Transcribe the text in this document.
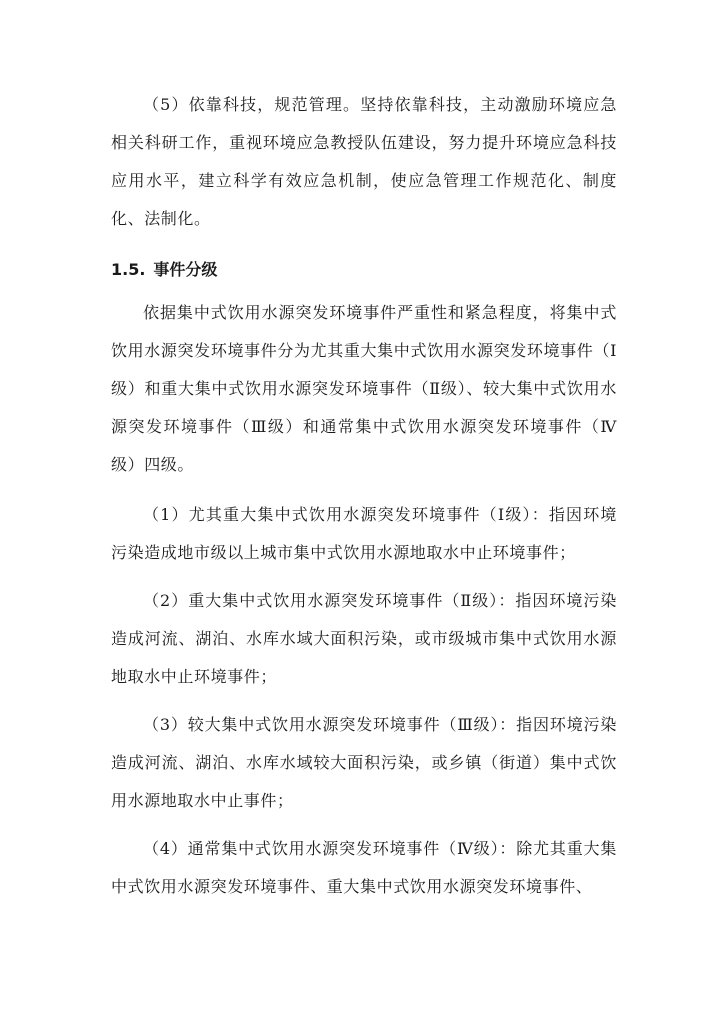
（5）依靠科技，规范管理。坚持依靠科技，主动激励环境应急相关科研工作，重视环境应急教授队伍建设，努力提升环境应急科技应用水平，建立科学有效应急机制，使应急管理工作规范化、制度化、法制化。

1.5. 事件分级

依据集中式饮用水源突发环境事件严重性和紧急程度，将集中式饮用水源突发环境事件分为尤其重大集中式饮用水源突发环境事件（Ⅰ级）和重大集中式饮用水源突发环境事件（Ⅱ级）、较大集中式饮用水源突发环境事件（Ⅲ级）和通常集中式饮用水源突发环境事件（Ⅳ级）四级。

（1）尤其重大集中式饮用水源突发环境事件（Ⅰ级）：指因环境污染造成地市级以上城市集中式饮用水源地取水中止环境事件；

（2）重大集中式饮用水源突发环境事件（Ⅱ级）：指因环境污染造成河流、湖泊、水库水域大面积污染，或市级城市集中式饮用水源地取水中止环境事件；

（3）较大集中式饮用水源突发环境事件（Ⅲ级）：指因环境污染造成河流、湖泊、水库水域较大面积污染，或乡镇（街道）集中式饮用水源地取水中止事件；

（4）通常集中式饮用水源突发环境事件（Ⅳ级）：除尤其重大集中式饮用水源突发环境事件、重大集中式饮用水源突发环境事件、
